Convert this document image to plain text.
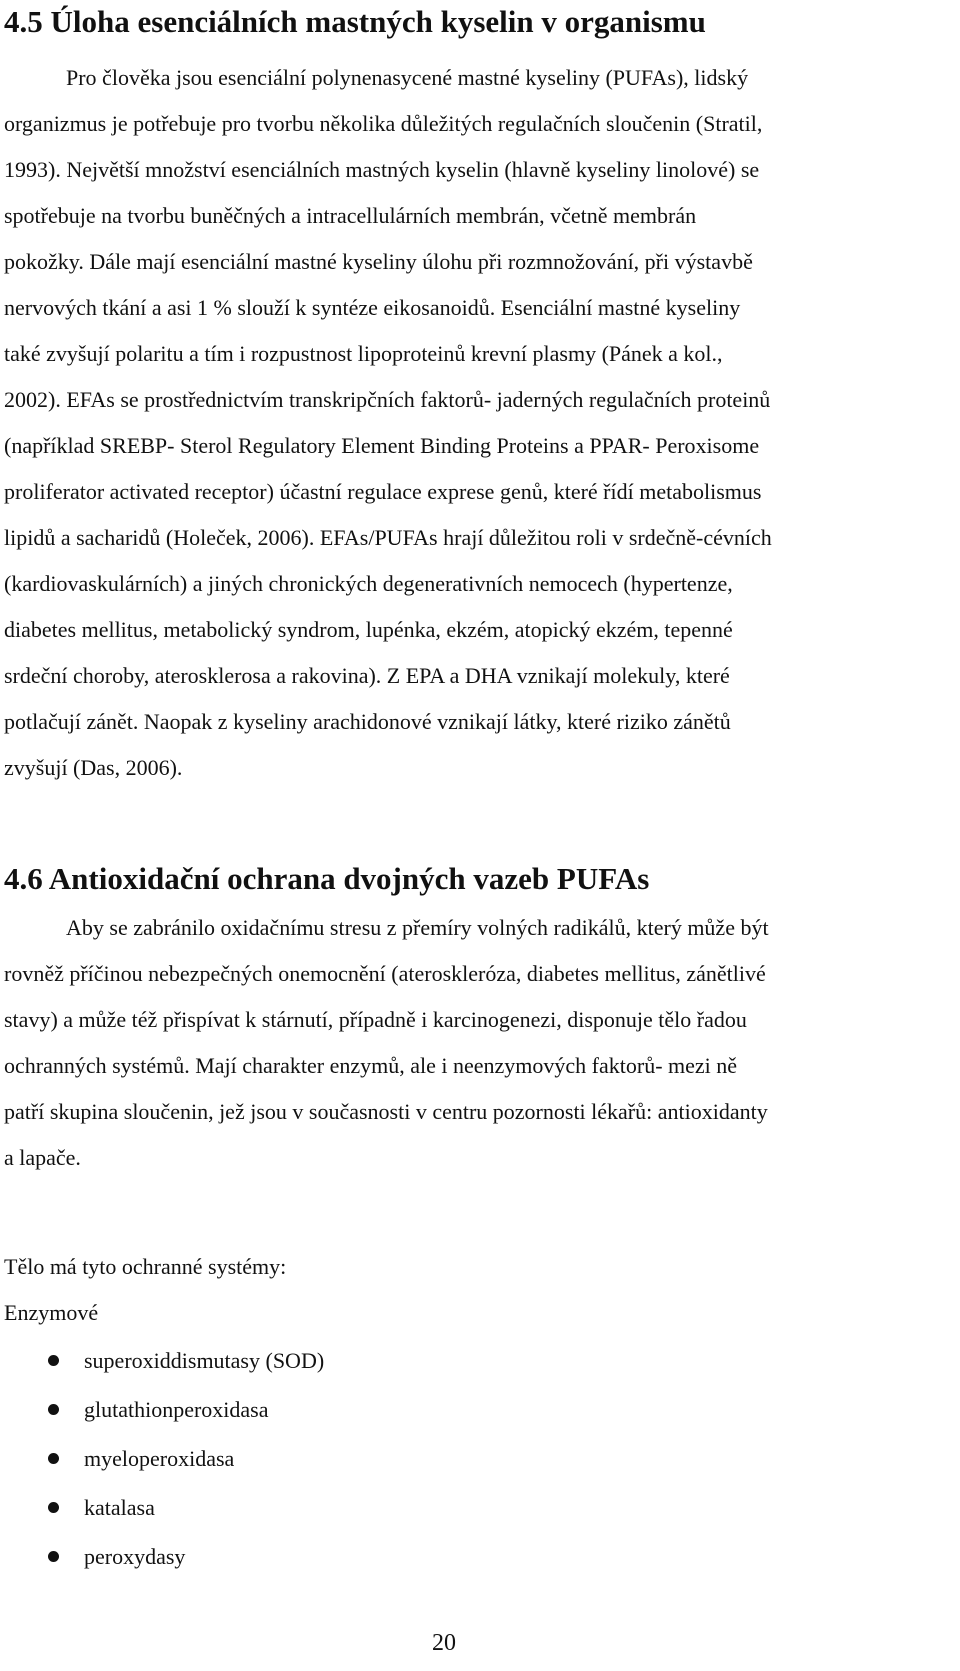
4.5 Úloha esenciálních mastných kyselin v organismu

Pro člověka jsou esenciální polynenasycené mastné kyseliny (PUFAs), lidský
organizmus je potřebuje pro tvorbu několika důležitých regulačních sloučenin (Stratil,
1993). Největší množství esenciálních mastných kyselin (hlavně kyseliny linolové) se
spotřebuje na tvorbu buněčných a intracellulárních membrán, včetně membrán
pokožky. Dále mají esenciální mastné kyseliny úlohu při rozmnožování, při výstavbě
nervových tkání a asi 1 % slouží k syntéze eikosanoidů. Esenciální mastné kyseliny
také zvyšují polaritu a tím i rozpustnost lipoproteinů krevní plasmy (Pánek a kol.,
2002). EFAs se prostřednictvím transkripčních faktorů- jaderných regulačních proteinů
(například SREBP- Sterol Regulatory Element Binding Proteins a PPAR- Peroxisome
proliferator activated receptor) účastní regulace exprese genů, které řídí metabolismus
lipidů a sacharidů (Holeček, 2006). EFAs/PUFAs hrají důležitou roli v srdečně-cévních
(kardiovaskulárních) a jiných chronických degenerativních nemocech (hypertenze,
diabetes mellitus, metabolický syndrom, lupénka, ekzém, atopický ekzém, tepenné
srdeční choroby, aterosklerosa a rakovina). Z EPA a DHA vznikají molekuly, které
potlačují zánět. Naopak z kyseliny arachidonové vznikají látky, které riziko zánětů
zvyšují (Das, 2006).

4.6 Antioxidační ochrana dvojných vazeb PUFAs

Aby se zabránilo oxidačnímu stresu z přemíry volných radikálů, který může být
rovněž příčinou nebezpečných onemocnění (ateroskleróza, diabetes mellitus, zánětlivé
stavy) a může též přispívat k stárnutí, případně i karcinogenezi, disponuje tělo řadou
ochranných systémů. Mají charakter enzymů, ale i neenzymových faktorů- mezi ně
patří skupina sloučenin, jež jsou v současnosti v centru pozornosti lékařů: antioxidanty
a lapače.

Tělo má tyto ochranné systémy:

Enzymové

superoxiddismutasy (SOD)
glutathionperoxidasa
myeloperoxidasa
katalasa
peroxydasy
20
